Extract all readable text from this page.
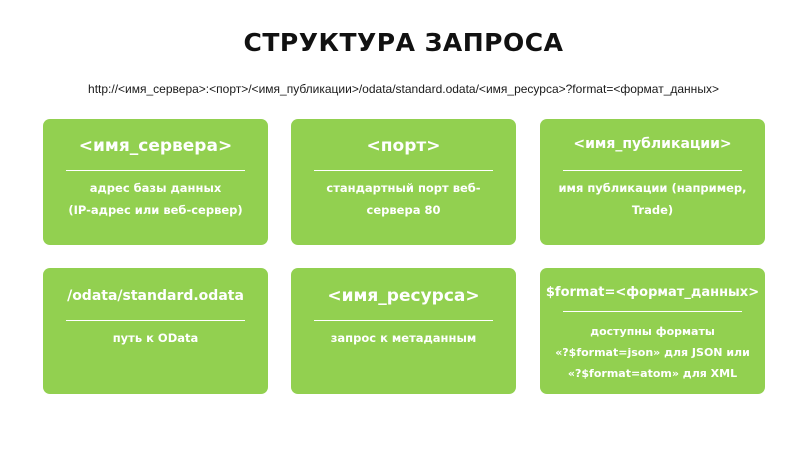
СТРУКТУРА ЗАПРОСА
http://<имя_сервера>:<порт>/<имя_публикации>/odata/standard.odata/<имя_ресурса>?format=<формат_данных>
<имя_сервера>
адрес базы данных
(IP-адрес или веб-сервер)
<порт>
стандартный порт веб-
сервера 80
<имя_публикации>
имя публикации (например,
Trade)
/odata/standard.odata
путь к OData
<имя_ресурса>
запрос к метаданным
$format=<формат_данных>
доступны форматы
«?$format=json» для JSON или
«?$format=atom» для XML
